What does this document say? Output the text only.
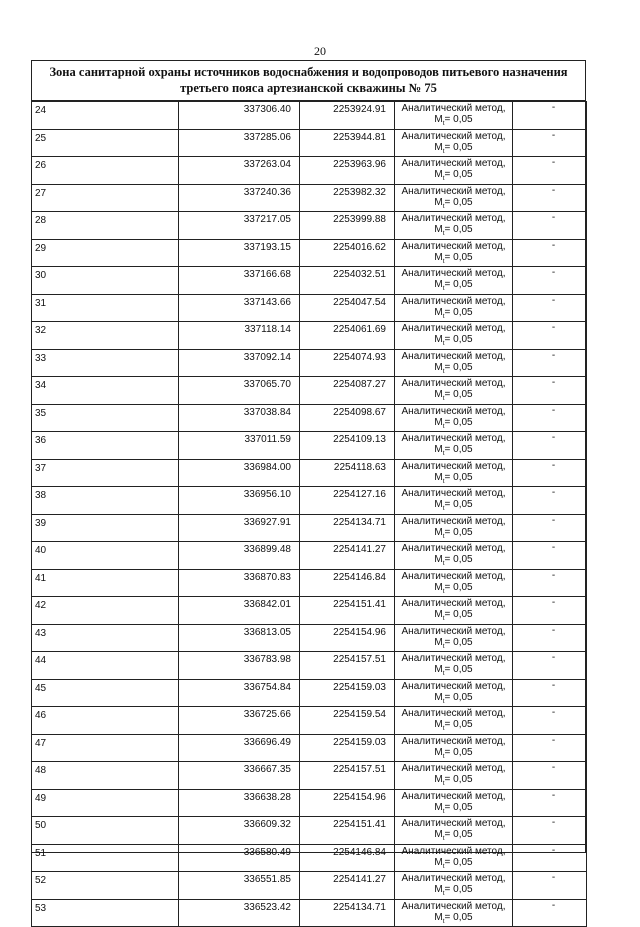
20
Зона санитарной охраны источников водоснабжения и водопроводов питьевого назначения
третьего пояса артезианской скважины № 75
24	337306.40	2253924.91	Аналитический метод,
$M_t= 0,05$	-
25	337285.06	2253944.81	Аналитический метод,
$M_t= 0,05$	-
26	337263.04	2253963.96	Аналитический метод,
$M_t= 0,05$	-
27	337240.36	2253982.32	Аналитический метод,
$M_t= 0,05$	-
28	337217.05	2253999.88	Аналитический метод,
$M_t= 0,05$	-
29	337193.15	2254016.62	Аналитический метод,
$M_t= 0,05$	-
30	337166.68	2254032.51	Аналитический метод,
$M_t= 0,05$	-
31	337143.66	2254047.54	Аналитический метод,
$M_t= 0,05$	-
32	337118.14	2254061.69	Аналитический метод,
$M_t= 0,05$	-
33	337092.14	2254074.93	Аналитический метод,
$M_t= 0,05$	-
34	337065.70	2254087.27	Аналитический метод,
$M_t= 0,05$	-
35	337038.84	2254098.67	Аналитический метод,
$M_t= 0,05$	-
36	337011.59	2254109.13	Аналитический метод,
$M_t= 0,05$	-
37	336984.00	2254118.63	Аналитический метод,
$M_t= 0,05$	-
38	336956.10	2254127.16	Аналитический метод,
$M_t= 0,05$	-
39	336927.91	2254134.71	Аналитический метод,
$M_t= 0,05$	-
40	336899.48	2254141.27	Аналитический метод,
$M_t= 0,05$	-
41	336870.83	2254146.84	Аналитический метод,
$M_t= 0,05$	-
42	336842.01	2254151.41	Аналитический метод,
$M_t= 0,05$	-
43	336813.05	2254154.96	Аналитический метод,
$M_t= 0,05$	-
44	336783.98	2254157.51	Аналитический метод,
$M_t= 0,05$	-
45	336754.84	2254159.03	Аналитический метод,
$M_t= 0,05$	-
46	336725.66	2254159.54	Аналитический метод,
$M_t= 0,05$	-
47	336696.49	2254159.03	Аналитический метод,
$M_t= 0,05$	-
48	336667.35	2254157.51	Аналитический метод,
$M_t= 0,05$	-
49	336638.28	2254154.96	Аналитический метод,
$M_t= 0,05$	-
50	336609.32	2254151.41	Аналитический метод,
$M_t= 0,05$	-
51	336580.49	2254146.84	Аналитический метод,
$M_t= 0,05$	-
52	336551.85	2254141.27	Аналитический метод,
$M_t= 0,05$	-
53	336523.42	2254134.71	Аналитический метод,
$M_t= 0,05$	-
